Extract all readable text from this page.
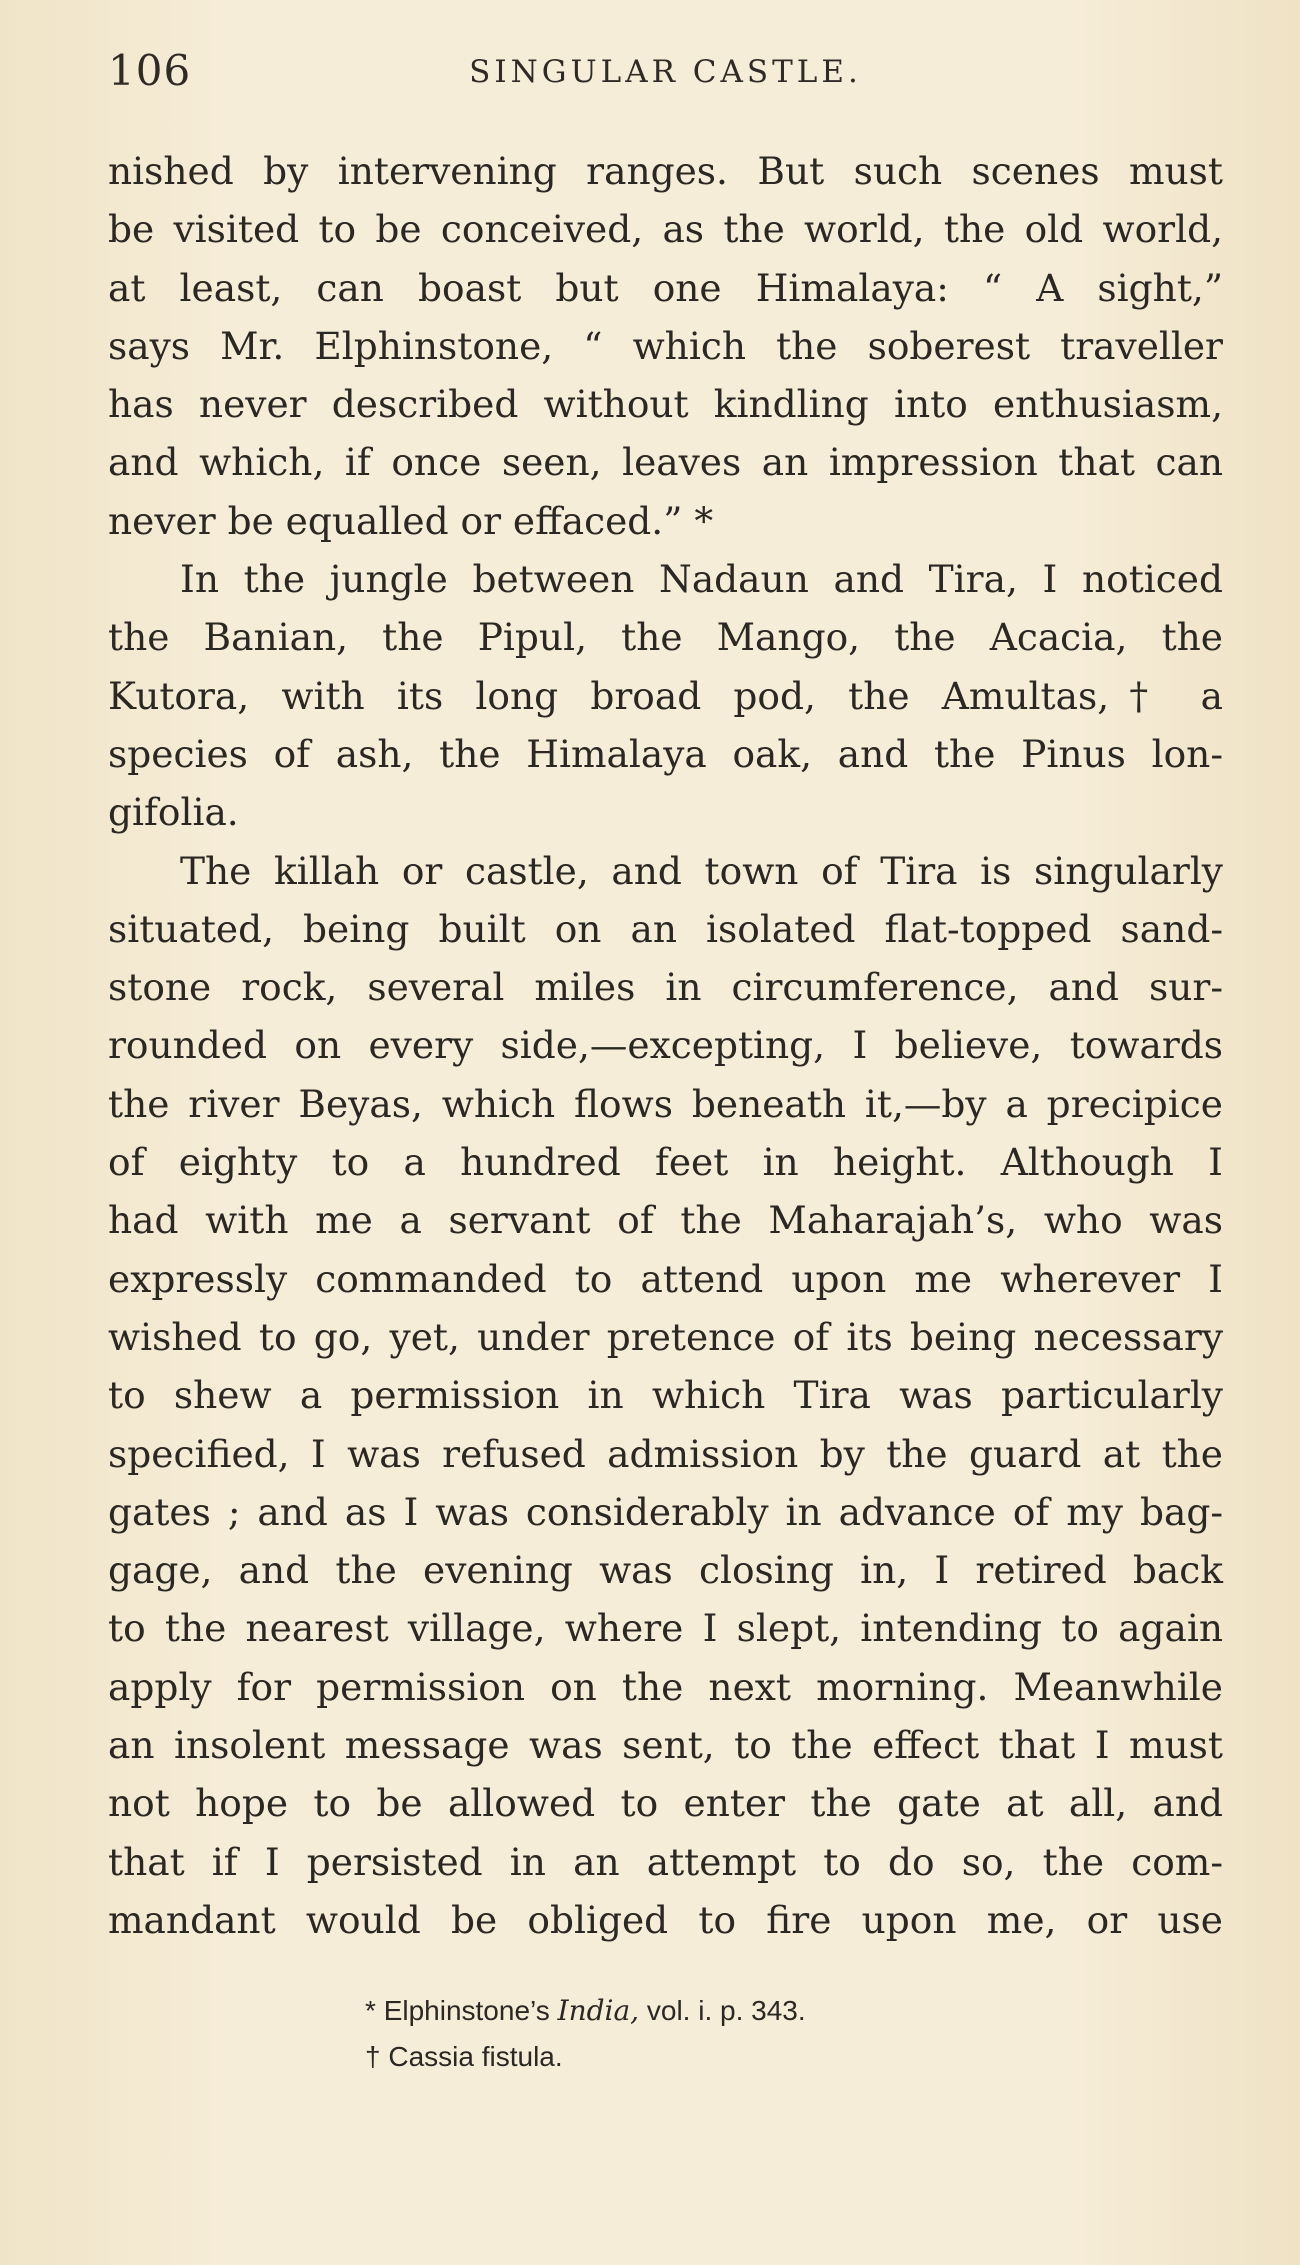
106	SINGULAR CASTLE.
nished by intervening ranges. But such scenes must
be visited to be conceived, as the world, the old world,
at least, can boast but one Himalaya: “ A sight,”
says Mr. Elphinstone, “ which the soberest traveller
has never described without kindling into enthusiasm,
and which, if once seen, leaves an impression that can
never be equalled or effaced.” *
In the jungle between Nadaun and Tira, I noticed
the Banian, the Pipul, the Mango, the Acacia, the
Kutora, with its long broad pod, the Amultas,† a
species of ash, the Himalaya oak, and the Pinus lon-
gifolia.
The killah or castle, and town of Tira is singularly
situated, being built on an isolated flat-topped sand-
stone rock, several miles in circumference, and sur-
rounded on every side,—excepting, I believe, towards
the river Beyas, which flows beneath it,—by a precipice
of eighty to a hundred feet in height. Although I
had with me a servant of the Maharajah’s, who was
expressly commanded to attend upon me wherever I
wished to go, yet, under pretence of its being necessary
to shew a permission in which Tira was particularly
specified, I was refused admission by the guard at the
gates ; and as I was considerably in advance of my bag-
gage, and the evening was closing in, I retired back
to the nearest village, where I slept, intending to again
apply for permission on the next morning. Meanwhile
an insolent message was sent, to the effect that I must
not hope to be allowed to enter the gate at all, and
that if I persisted in an attempt to do so, the com-
mandant would be obliged to fire upon me, or use
* Elphinstone’s India, vol. i. p. 343.
† Cassia fistula.
